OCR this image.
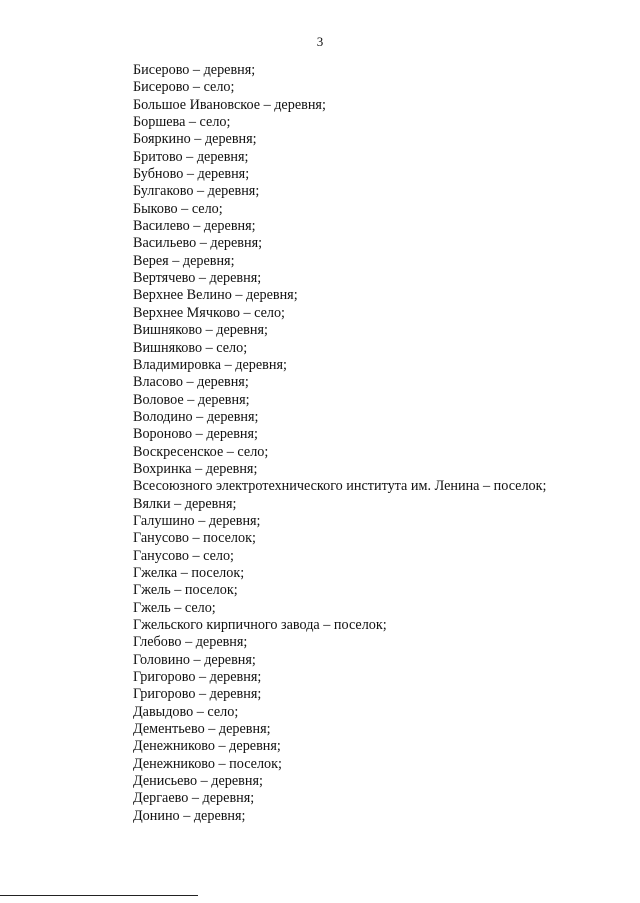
3
Бисерово – деревня;
Бисерово – село;
Большое Ивановское – деревня;
Боршева – село;
Бояркино – деревня;
Бритово – деревня;
Бубново – деревня;
Булгаково – деревня;
Быково – село;
Василево – деревня;
Васильево – деревня;
Верея – деревня;
Вертячево – деревня;
Верхнее Велино – деревня;
Верхнее Мячково – село;
Вишняково – деревня;
Вишняково – село;
Владимировка – деревня;
Власово – деревня;
Воловое – деревня;
Володино – деревня;
Вороново – деревня;
Воскресенское – село;
Вохринка – деревня;
Всесоюзного электротехнического института им. Ленина – поселок;
Вялки – деревня;
Галушино – деревня;
Ганусово – поселок;
Ганусово – село;
Гжелка – поселок;
Гжель – поселок;
Гжель – село;
Гжельского кирпичного завода – поселок;
Глебово – деревня;
Головино – деревня;
Григорово – деревня;
Григорово – деревня;
Давыдово – село;
Дементьево – деревня;
Денежниково – деревня;
Денежниково – поселок;
Денисьево – деревня;
Дергаево – деревня;
Донино – деревня;
